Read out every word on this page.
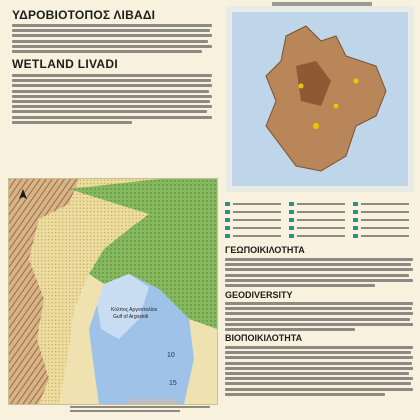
ΥΔΡΟΒΙΟΤΟΠΟΣ ΛΙΒΑΔΙ
WETLAND LIVADI
Κόλπος Αργοστολίου
Gulf of Argostoli
10
15
ΓΕΩΠΟΙΚΙΛΟΤΗΤΑ
GEODIVERSITY
ΒΙΟΠΟΙΚΙΛΟΤΗΤΑ
